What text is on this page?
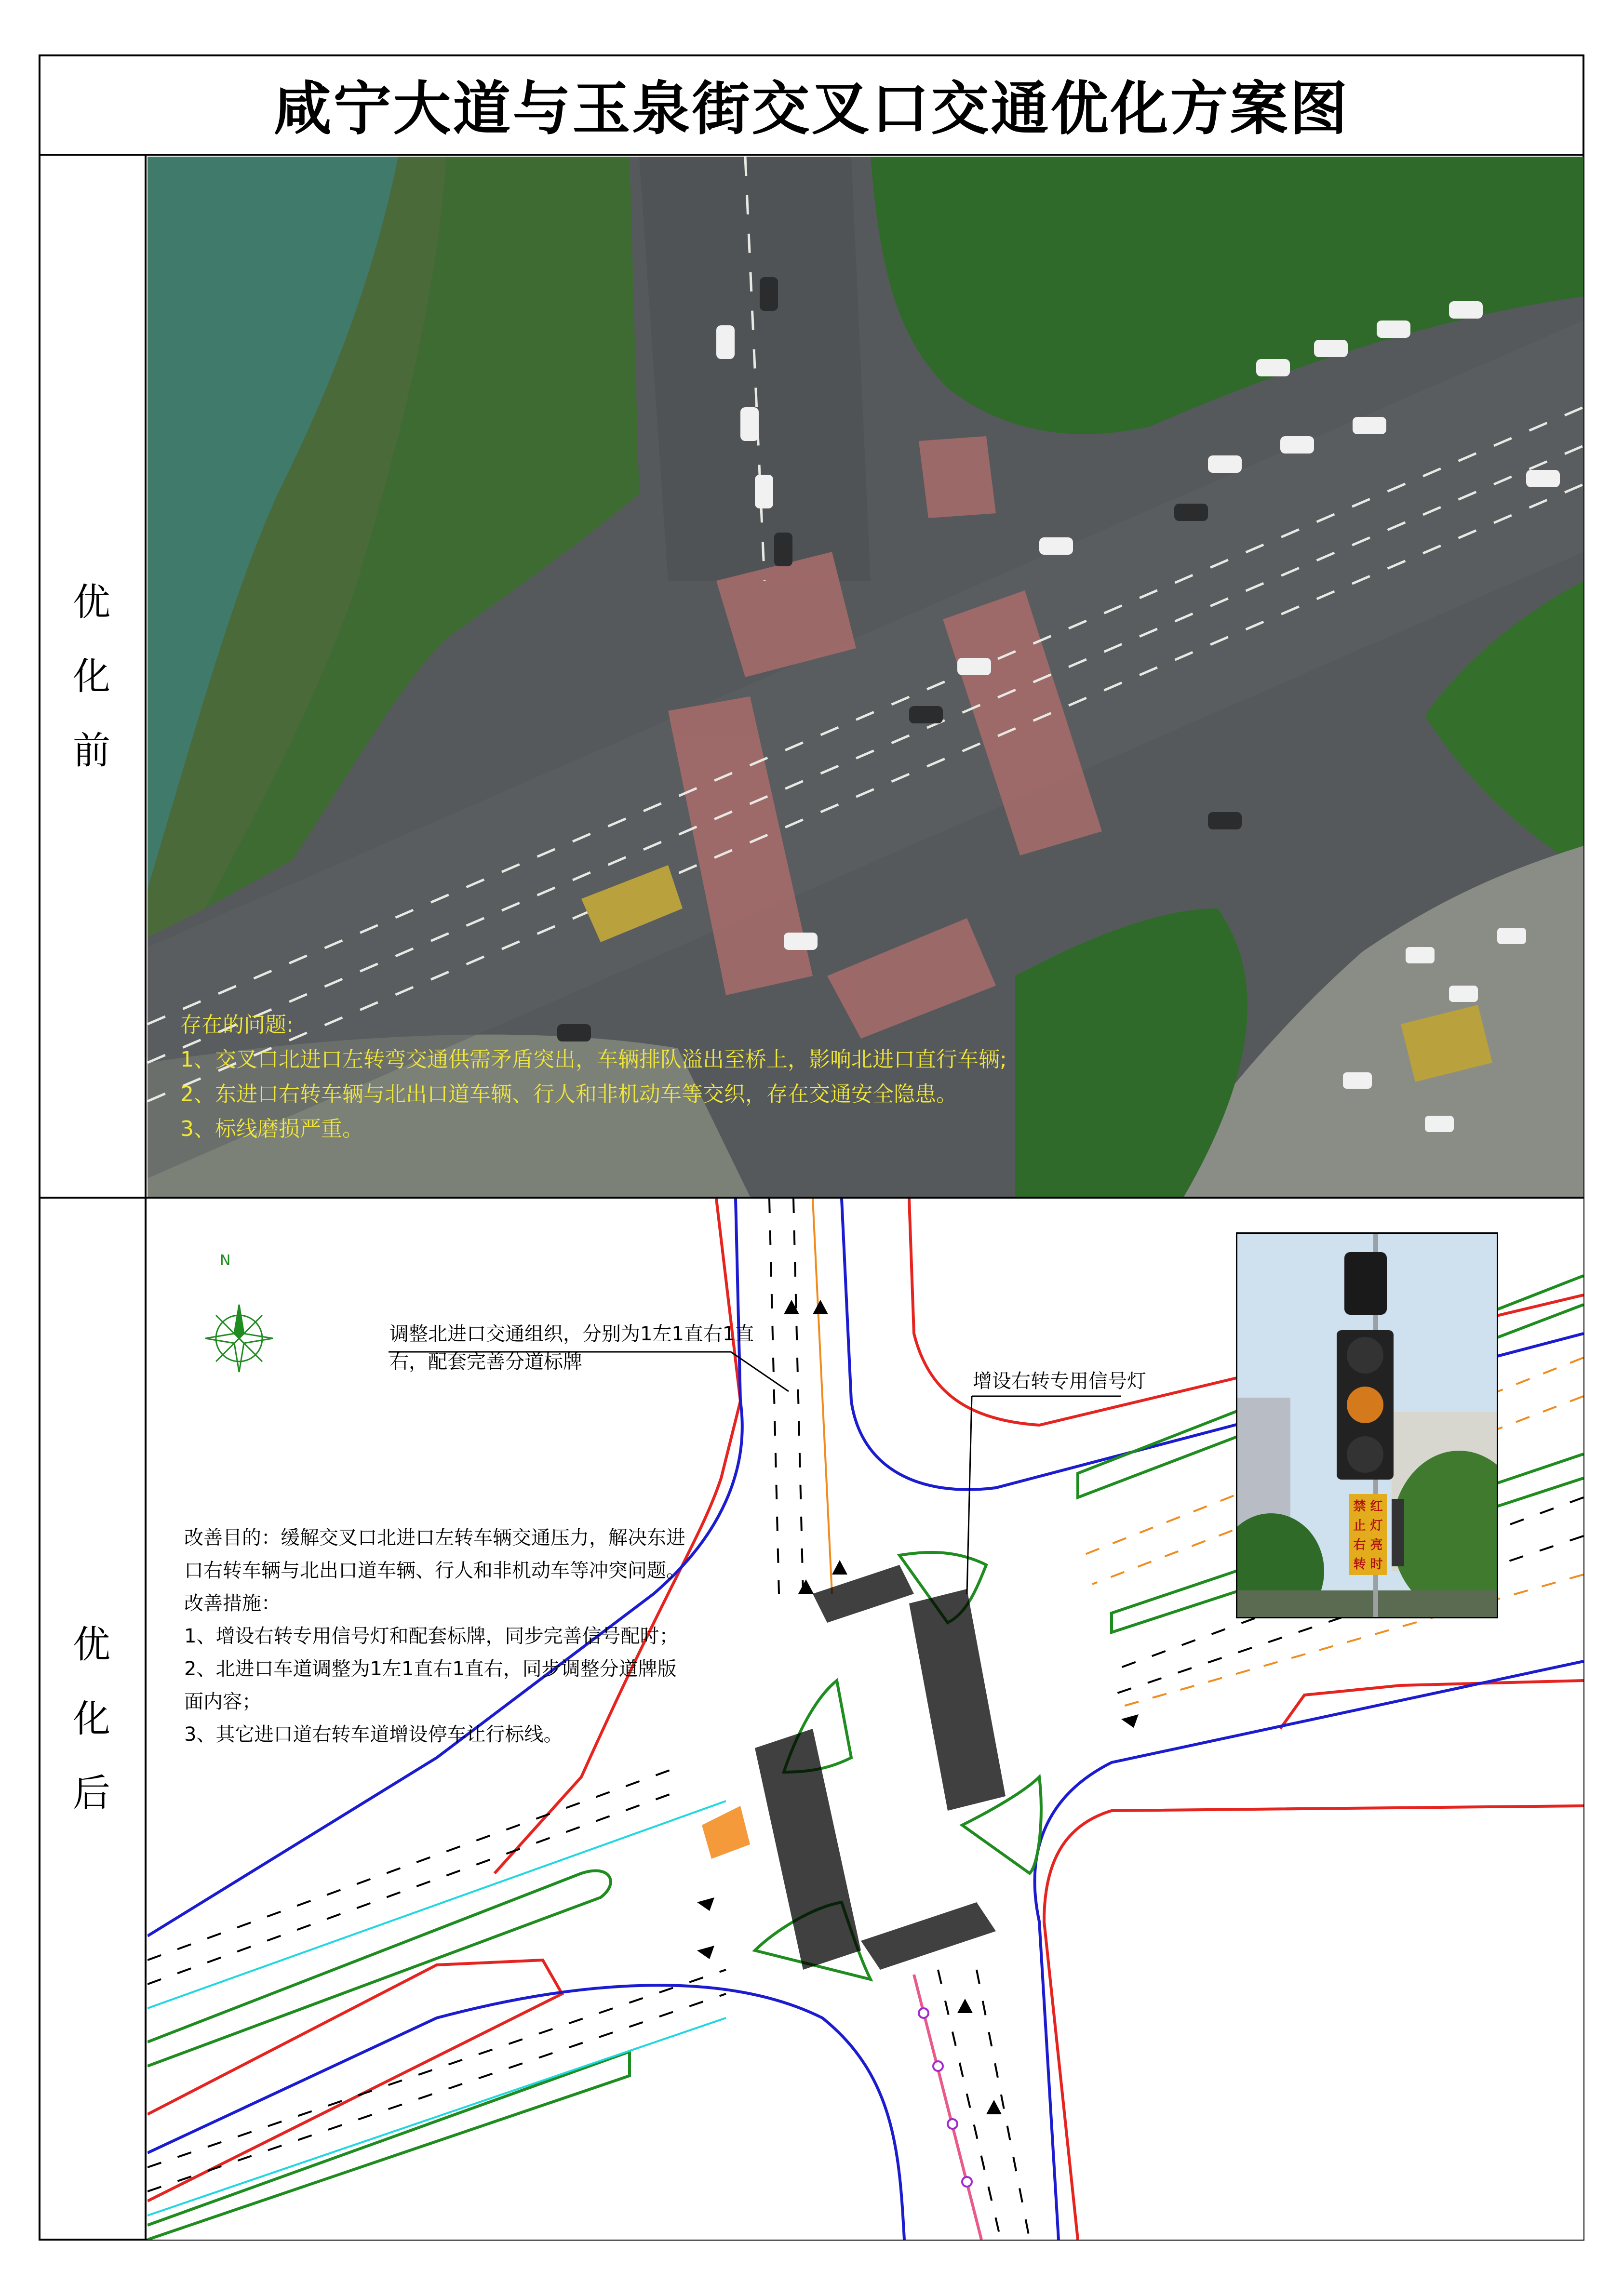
咸宁大道与玉泉街交叉口交通优化方案图
优
化
前
优
化
后
存在的问题:
1、交叉口北进口左转弯交通供需矛盾突出，车辆排队溢出至桥上，影响北进口直行车辆;
2、东进口右转车辆与北出口道车辆、行人和非机动车等交织，存在交通安全隐患。
3、标线磨损严重。
N
调整北进口交通组织，分别为1左1直右1直
右，配套完善分道标牌
增设右转专用信号灯
改善目的：缓解交叉口北进口左转车辆交通压力，解决东进口右转车辆与北出口道车辆、行人和非机动车等冲突问题。
改善措施：
1、增设右转专用信号灯和配套标牌，同步完善信号配时；
2、北进口车道调整为1左1直右1直右，同步调整分道牌版面内容；
3、其它进口道右转车道增设停车让行标线。
禁
止
右
转
红
灯
亮
时
